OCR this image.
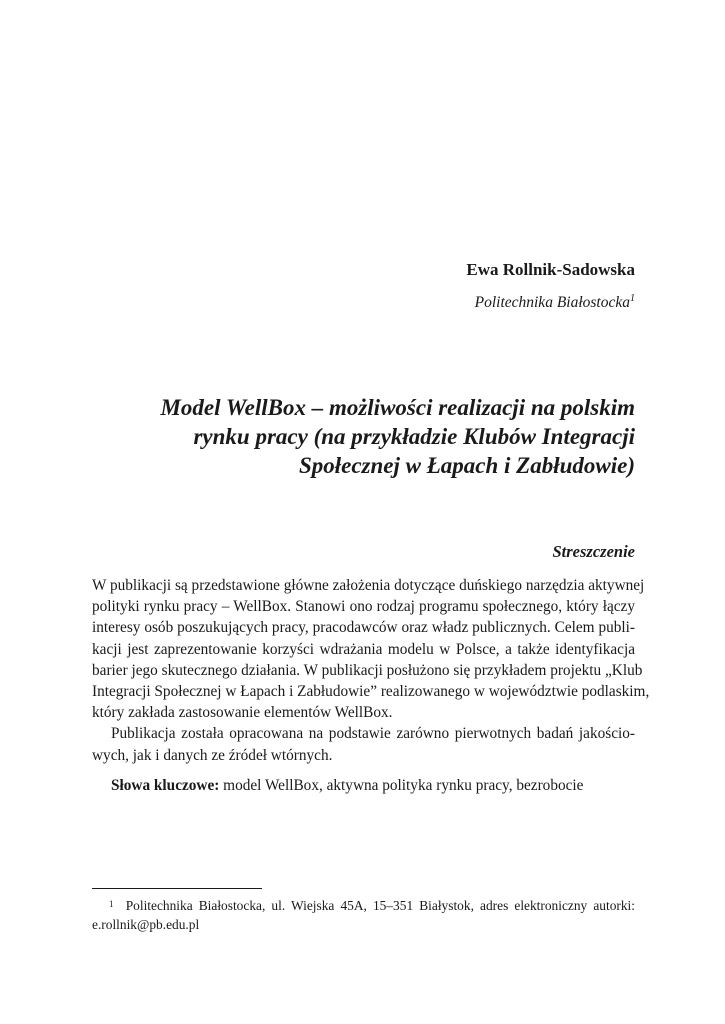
Ewa Rollnik-Sadowska
Politechnika Białostocka$^1$
Model WellBox – możliwości realizacji na polskim
rynku pracy (na przykładzie Klubów Integracji
Społecznej w Łapach i Zabłudowie)
Streszczenie
W publikacji są przedstawione główne założenia dotyczące duńskiego narzędzia aktywnej
polityki rynku pracy – WellBox. Stanowi ono rodzaj programu społecznego, który łączy
interesy osób poszukujących pracy, pracodawców oraz władz publicznych. Celem publi-
kacji jest zaprezentowanie korzyści wdrażania modelu w Polsce, a także identyfikacja
barier jego skutecznego działania. W publikacji posłużono się przykładem projektu „Klub
Integracji Społecznej w Łapach i Zabłudowie” realizowanego w województwie podlaskim,
który zakłada zastosowanie elementów WellBox.
Publikacja została opracowana na podstawie zarówno pierwotnych badań jakościo-
wych, jak i danych ze źródeł wtórnych.
Słowa kluczowe: model WellBox, aktywna polityka rynku pracy, bezrobocie
$^1$ Politechnika Białostocka, ul. Wiejska 45A, 15–351 Białystok, adres elektroniczny autorki:
e.rollnik@pb.edu.pl
